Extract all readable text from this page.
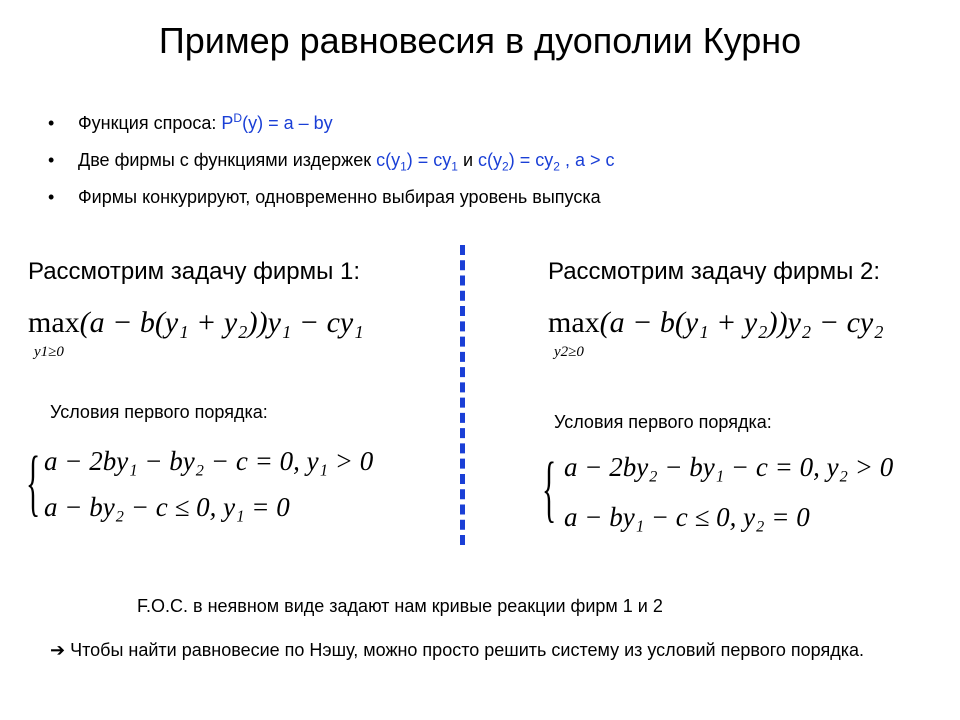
Пример равновесия в дуополии Курно
• Функция спроса: $P^D(y) = a$ – by
• Две фирмы с функциями издержек $c(y_1) = cy_1$ и $c(y_2) = cy_2$ , a > c
• Фирмы конкурируют, одновременно выбирая уровень выпуска
Рассмотрим задачу фирмы 1:	Рассмотрим задачу фирмы 2:
max(a − b(y₁ + y₂))y₁ − cy₁
y1≥0
max(a − b(y₁ + y₂))y₂ − cy₂
y2≥0
Условия первого порядка:	Условия первого порядка:
{ a − 2by₁ − by₂ − c = 0, y₁ > 0
a − by₂ − c ≤ 0, y₁ = 0	{ a − 2by₂ − by₁ − c = 0, y₂ > 0
a − by₁ − c ≤ 0, y₂ = 0
F.O.C. в неявном виде задают нам кривые реакции фирм 1 и 2
➔ Чтобы найти равновесие по Нэшу, можно просто решить систему из условий первого порядка.
